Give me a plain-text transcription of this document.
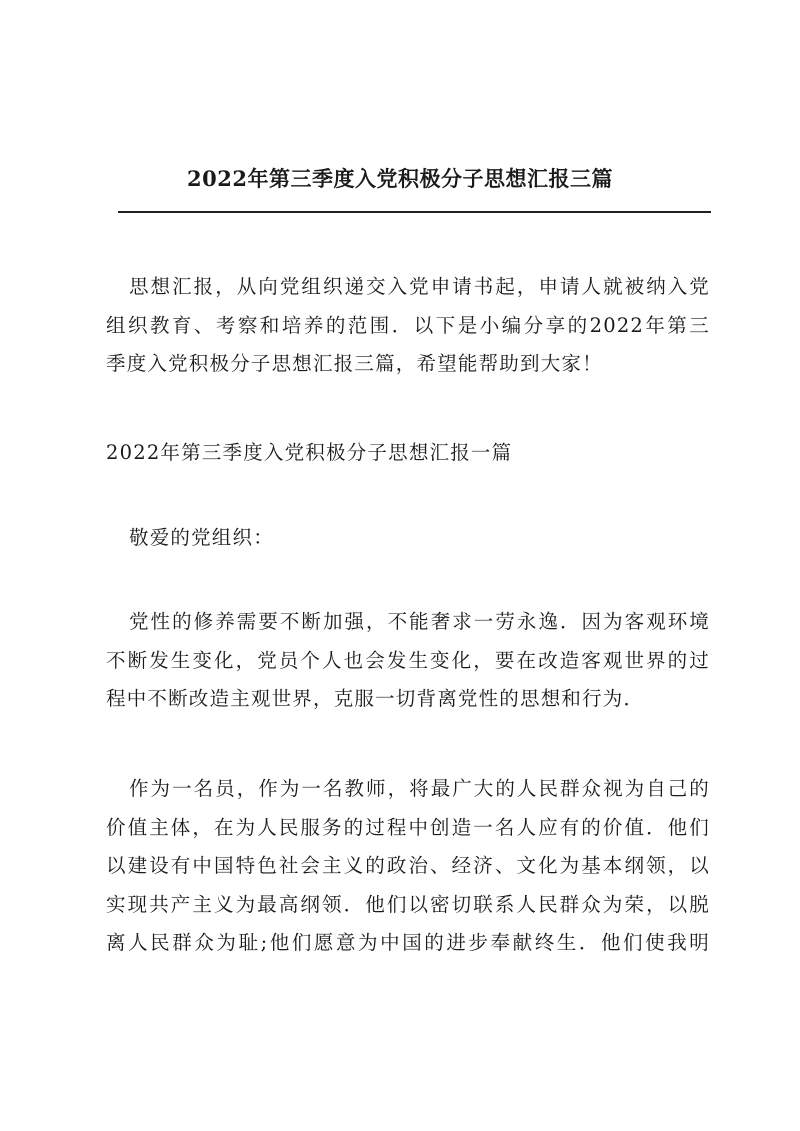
2022年第三季度入党积极分子思想汇报三篇
思想汇报，从向党组织递交入党申请书起，申请人就被纳入党
组织教育、考察和培养的范围．以下是小编分享的2022年第三
季度入党积极分子思想汇报三篇，希望能帮助到大家！
2022年第三季度入党积极分子思想汇报一篇
敬爱的党组织：
党性的修养需要不断加强，不能奢求一劳永逸．因为客观环境
不断发生变化，党员个人也会发生变化，要在改造客观世界的过
程中不断改造主观世界，克服一切背离党性的思想和行为．
作为一名员，作为一名教师，将最广大的人民群众视为自己的
价值主体，在为人民服务的过程中创造一名人应有的价值．他们
以建设有中国特色社会主义的政治、经济、文化为基本纲领，以
实现共产主义为最高纲领．他们以密切联系人民群众为荣，以脱
离人民群众为耻;他们愿意为中国的进步奉献终生．他们使我明
